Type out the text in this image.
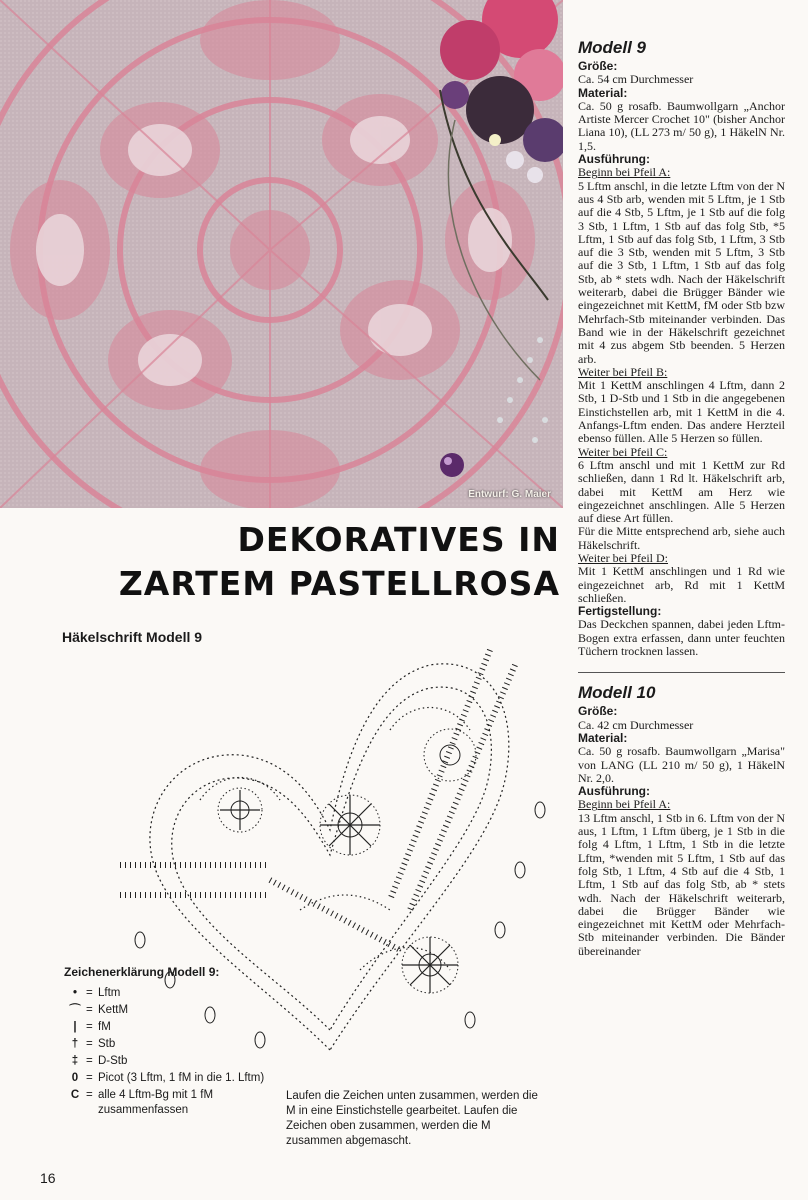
Entwurf: G. Maier
DEKORATIVES IN
ZARTEM PASTELLROSA
Häkelschrift Modell 9
Zeichenerklärung Modell 9:
• = Lftm
⌒ = KettM
| = fM
† = Stb
‡ = D-Stb
0 = Picot (3 Lftm, 1 fM in die 1. Lftm)
C = alle 4 Lftm-Bg mit 1 fM zusammenfassen
Laufen die Zeichen unten zusammen, werden die M in eine Einstichstelle gearbeitet. Laufen die Zeichen oben zusammen, werden die M zusammen abgemascht.
16
Modell 9
Größe:

Ca. 54 cm Durchmesser

Material:

Ca. 50 g rosafb. Baumwollgarn „Anchor Artiste Mercer Crochet 10" (bisher Anchor Liana 10), (LL 273 m/ 50 g), 1 HäkelN Nr. 1,5.

Ausführung:
Beginn bei Pfeil A:

5 Lftm anschl, in die letzte Lftm von der N aus 4 Stb arb, wenden mit 5 Lftm, je 1 Stb auf die 4 Stb, 5 Lftm, je 1 Stb auf die folg 3 Stb, 1 Lftm, 1 Stb auf das folg Stb, *5 Lftm, 1 Stb auf das folg Stb, 1 Lftm, 3 Stb auf die 3 Stb, wenden mit 5 Lftm, 3 Stb auf die 3 Stb, 1 Lftm, 1 Stb auf das folg Stb, ab * stets wdh. Nach der Häkelschrift weiterarb, dabei die Brügger Bänder wie eingezeichnet mit KettM, fM oder Stb bzw Mehrfach-Stb miteinander verbinden. Das Band wie in der Häkelschrift gezeichnet mit 4 zus abgem Stb beenden. 5 Herzen arb.

Weiter bei Pfeil B:

Mit 1 KettM anschlingen 4 Lftm, dann 2 Stb, 1 D-Stb und 1 Stb in die angegebenen Einstichstellen arb, mit 1 KettM in die 4. Anfangs-Lftm enden. Das andere Herzteil ebenso füllen. Alle 5 Herzen so füllen.

Weiter bei Pfeil C:

6 Lftm anschl und mit 1 KettM zur Rd schließen, dann 1 Rd lt. Häkelschrift arb, dabei mit KettM am Herz wie eingezeichnet anschlingen. Alle 5 Herzen auf diese Art füllen.

Für die Mitte entsprechend arb, siehe auch Häkelschrift.

Weiter bei Pfeil D:

Mit 1 KettM anschlingen und 1 Rd wie eingezeichnet arb, Rd mit 1 KettM schließen.

Fertigstellung:

Das Deckchen spannen, dabei jeden Lftm-Bogen extra erfassen, dann unter feuchten Tüchern trocknen lassen.

Modell 10
Größe:

Ca. 42 cm Durchmesser

Material:

Ca. 50 g rosafb. Baumwollgarn „Marisa" von LANG (LL 210 m/ 50 g), 1 HäkelN Nr. 2,0.

Ausführung:
Beginn bei Pfeil A:

13 Lftm anschl, 1 Stb in 6. Lftm von der N aus, 1 Lftm, 1 Lftm überg, je 1 Stb in die folg 4 Lftm, 1 Lftm, 1 Stb in die letzte Lftm, *wenden mit 5 Lftm, 1 Stb auf das folg Stb, 1 Lftm, 4 Stb auf die 4 Stb, 1 Lftm, 1 Stb auf das folg Stb, ab * stets wdh. Nach der Häkelschrift weiterarb, dabei die Brügger Bänder wie eingezeichnet mit KettM oder Mehrfach-Stb miteinander verbinden. Die Bänder übereinander
